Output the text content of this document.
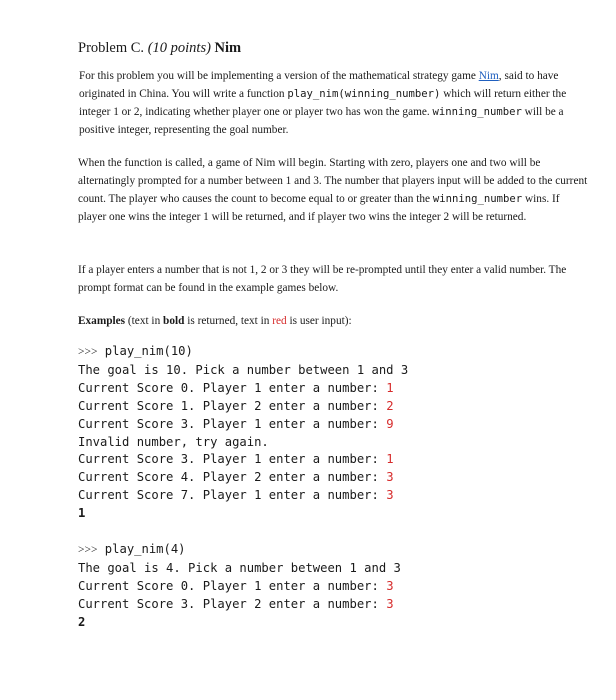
Problem C. (10 points) Nim

For this problem you will be implementing a version of the mathematical strategy game Nim, said to have originated in China. You will write a function play_nim(winning_number) which will return either the integer 1 or 2, indicating whether player one or player two has won the game. winning_number will be a positive integer, representing the goal number.

When the function is called, a game of Nim will begin. Starting with zero, players one and two will be alternatingly prompted for a number between 1 and 3. The number that players input will be added to the current count. The player who causes the count to become equal to or greater than the winning_number wins. If player one wins the integer 1 will be returned, and if player two wins the integer 2 will be returned.

If a player enters a number that is not 1, 2 or 3 they will be re-prompted until they enter a valid number. The prompt format can be found in the example games below.

Examples (text in bold is returned, text in red is user input):

>>> play_nim(10)
The goal is 10. Pick a number between 1 and 3
Current Score 0. Player 1 enter a number: 1
Current Score 1. Player 2 enter a number: 2
Current Score 3. Player 1 enter a number: 9
Invalid number, try again.
Current Score 3. Player 1 enter a number: 1
Current Score 4. Player 2 enter a number: 3
Current Score 7. Player 1 enter a number: 3
1
>>> play_nim(4)
The goal is 4. Pick a number between 1 and 3
Current Score 0. Player 1 enter a number: 3
Current Score 3. Player 2 enter a number: 3
2
